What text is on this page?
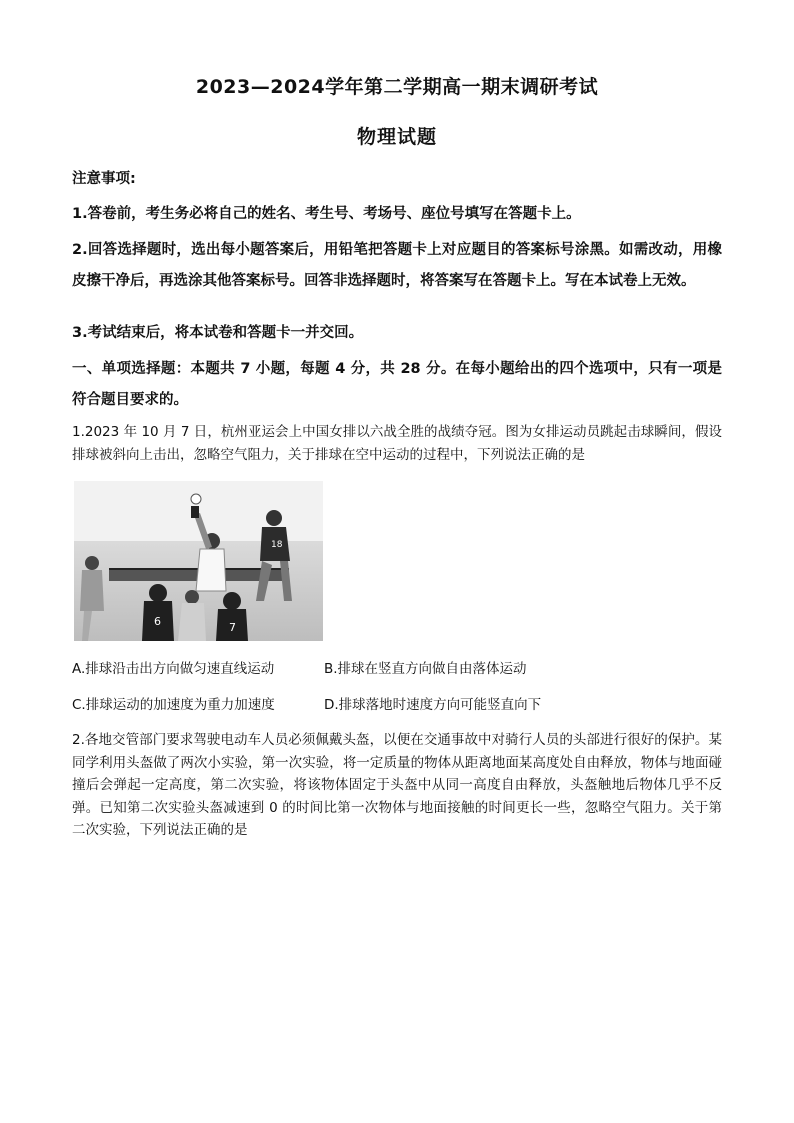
2023—2024学年第二学期高一期末调研考试
物理试题
注意事项:
1.答卷前，考生务必将自己的姓名、考生号、考场号、座位号填写在答题卡上。
2.回答选择题时，选出每小题答案后，用铅笔把答题卡上对应题目的答案标号涂黑。如需改动，用橡皮擦干净后，再选涂其他答案标号。回答非选择题时，将答案写在答题卡上。写在本试卷上无效。
3.考试结束后，将本试卷和答题卡一并交回。
一、单项选择题：本题共 7 小题，每题 4 分，共 28 分。在每小题给出的四个选项中，只有一项是符合题目要求的。
1.2023 年 10 月 7 日，杭州亚运会上中国女排以六战全胜的战绩夺冠。图为女排运动员跳起击球瞬间，假设排球被斜向上击出，忽略空气阻力，关于排球在空中运动的过程中，下列说法正确的是
18
6	7
A.排球沿击出方向做匀速直线运动	B.排球在竖直方向做自由落体运动
C.排球运动的加速度为重力加速度	D.排球落地时速度方向可能竖直向下
2.各地交管部门要求驾驶电动车人员必须佩戴头盔，以便在交通事故中对骑行人员的头部进行很好的保护。某同学利用头盔做了两次小实验，第一次实验，将一定质量的物体从距离地面某高度处自由释放，物体与地面碰撞后会弹起一定高度，第二次实验，将该物体固定于头盔中从同一高度自由释放，头盔触地后物体几乎不反弹。已知第二次实验头盔减速到 0 的时间比第一次物体与地面接触的时间更长一些，忽略空气阻力。关于第二次实验，下列说法正确的是
